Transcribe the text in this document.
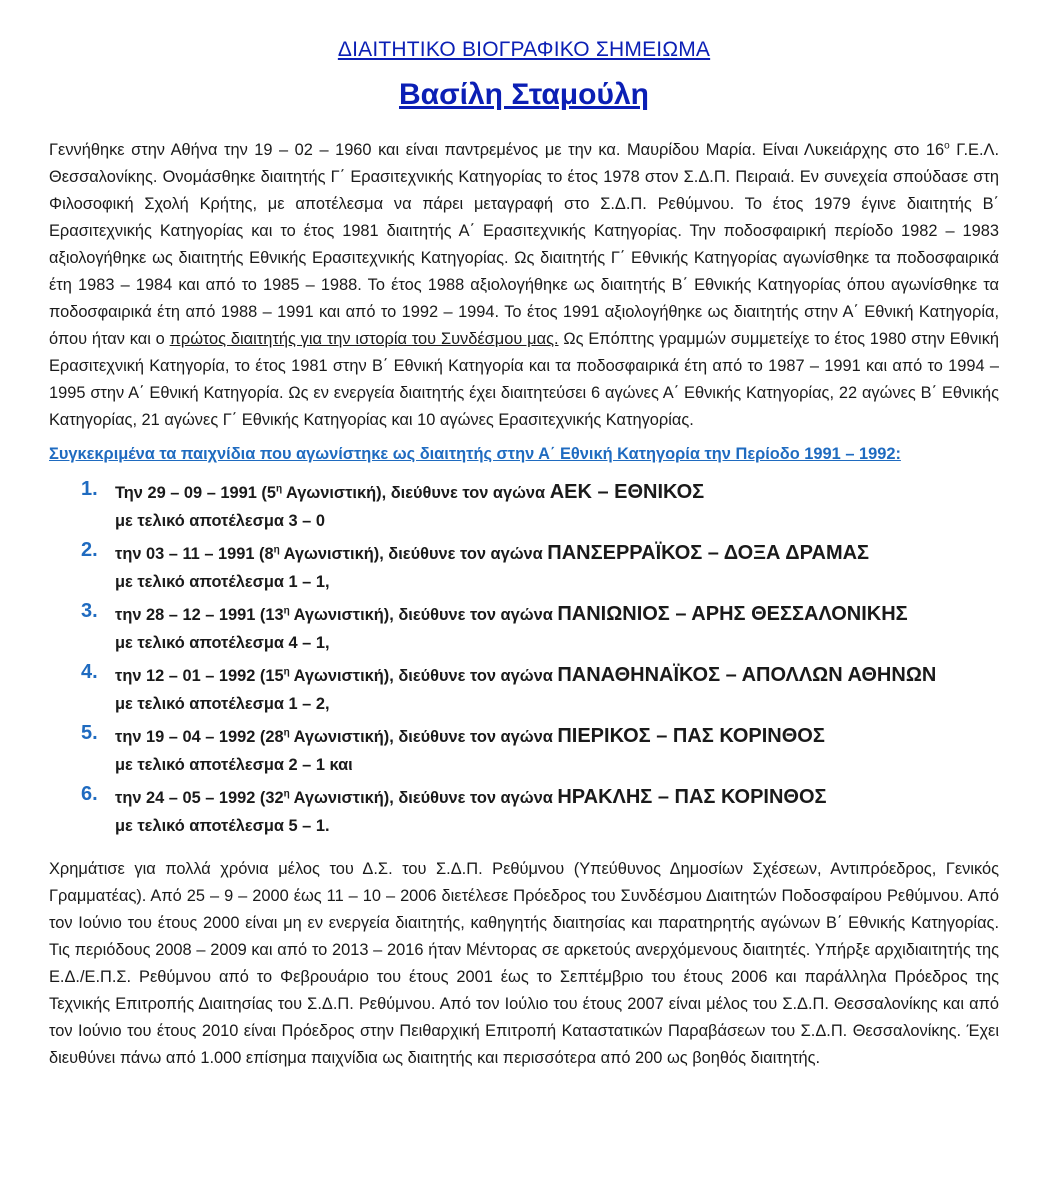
ΔΙΑΙΤΗΤΙΚΟ ΒΙΟΓΡΑΦΙΚΟ ΣΗΜΕΙΩΜΑ
Βασίλη Σταμούλη

Γεννήθηκε στην Αθήνα την 19 – 02 – 1960 και είναι παντρεμένος με την κα. Μαυρίδου Μαρία. Είναι Λυκειάρχης στο $16^o$ Γ.Ε.Λ. Θεσσαλονίκης. Ονομάσθηκε διαιτητής Γ΄ Ερασιτεχνικής Κατηγορίας το έτος 1978 στον Σ.Δ.Π. Πειραιά. Εν συνεχεία σπούδασε στη Φιλοσοφική Σχολή Κρήτης, με αποτέλεσμα να πάρει μεταγραφή στο Σ.Δ.Π. Ρεθύμνου. Το έτος 1979 έγινε διαιτητής Β΄ Ερασιτεχνικής Κατηγορίας και το έτος 1981 διαιτητής Α΄ Ερασιτεχνικής Κατηγορίας. Την ποδοσφαιρική περίοδο 1982 – 1983 αξιολογήθηκε ως διαιτητής Εθνικής Ερασιτεχνικής Κατηγορίας. Ως διαιτητής Γ΄ Εθνικής Κατηγορίας αγωνίσθηκε τα ποδοσφαιρικά έτη 1983 – 1984 και από το 1985 – 1988. Το έτος 1988 αξιολογήθηκε ως διαιτητής Β΄ Εθνικής Κατηγορίας όπου αγωνίσθηκε τα ποδοσφαιρικά έτη από 1988 – 1991 και από το 1992 – 1994. Το έτος 1991 αξιολογήθηκε ως διαιτητής στην Α΄ Εθνική Κατηγορία, όπου ήταν και ο πρώτος διαιτητής για την ιστορία του Συνδέσμου μας. Ως Επόπτης γραμμών συμμετείχε το έτος 1980 στην Εθνική Ερασιτεχνική Κατηγορία, το έτος 1981 στην Β΄ Εθνική Κατηγορία και τα ποδοσφαιρικά έτη από το 1987 – 1991 και από το 1994 – 1995 στην Α΄ Εθνική Κατηγορία. Ως εν ενεργεία διαιτητής έχει διαιτητεύσει 6 αγώνες Α΄ Εθνικής Κατηγορίας, 22 αγώνες Β΄ Εθνικής Κατηγορίας, 21 αγώνες Γ΄ Εθνικής Κατηγορίας και 10 αγώνες Ερασιτεχνικής Κατηγορίας.

Συγκεκριμένα τα παιχνίδια που αγωνίστηκε ως διαιτητής στην Α΄ Εθνική Κατηγορία την Περίοδο 1991 – 1992:
1. Την 29 – 09 – 1991 ($5^\eta$ Αγωνιστική), διεύθυνε τον αγώνα ΑΕΚ – ΕΘΝΙΚΟΣ
με τελικό αποτέλεσμα 3 – 0
2. την 03 – 11 – 1991 ($8^\eta$ Αγωνιστική), διεύθυνε τον αγώνα ΠΑΝΣΕΡΡΑΪΚΟΣ – ΔΟΞΑ ΔΡΑΜΑΣ
με τελικό αποτέλεσμα 1 – 1,
3. την 28 – 12 – 1991 ($13^\eta$ Αγωνιστική), διεύθυνε τον αγώνα ΠΑΝΙΩΝΙΟΣ – ΑΡΗΣ ΘΕΣΣΑΛΟΝΙΚΗΣ
με τελικό αποτέλεσμα 4 – 1,
4. την 12 – 01 – 1992 ($15^\eta$ Αγωνιστική), διεύθυνε τον αγώνα ΠΑΝΑΘΗΝΑΪΚΟΣ – ΑΠΟΛΛΩΝ ΑΘΗΝΩΝ
με τελικό αποτέλεσμα 1 – 2,
5. την 19 – 04 – 1992 ($28^\eta$ Αγωνιστική), διεύθυνε τον αγώνα ΠΙΕΡΙΚΟΣ – ΠΑΣ ΚΟΡΙΝΘΟΣ
με τελικό αποτέλεσμα 2 – 1 και
6. την 24 – 05 – 1992 ($32^\eta$ Αγωνιστική), διεύθυνε τον αγώνα ΗΡΑΚΛΗΣ – ΠΑΣ ΚΟΡΙΝΘΟΣ
με τελικό αποτέλεσμα 5 – 1.

Χρημάτισε για πολλά χρόνια μέλος του Δ.Σ. του Σ.Δ.Π. Ρεθύμνου (Υπεύθυνος Δημοσίων Σχέσεων, Αντιπρόεδρος, Γενικός Γραμματέας). Από 25 – 9 – 2000 έως 11 – 10 – 2006 διετέλεσε Πρόεδρος του Συνδέσμου Διαιτητών Ποδοσφαίρου Ρεθύμνου. Από τον Ιούνιο του έτους 2000 είναι μη εν ενεργεία διαιτητής, καθηγητής διαιτησίας και παρατηρητής αγώνων Β΄ Εθνικής Κατηγορίας. Τις περιόδους 2008 – 2009 και από το 2013 – 2016 ήταν Μέντορας σε αρκετούς ανερχόμενους διαιτητές. Υπήρξε αρχιδιαιτητής της Ε.Δ./Ε.Π.Σ. Ρεθύμνου από το Φεβρουάριο του έτους 2001 έως το Σεπτέμβριο του έτους 2006 και παράλληλα Πρόεδρος της Τεχνικής Επιτροπής Διαιτησίας του Σ.Δ.Π. Ρεθύμνου. Από τον Ιούλιο του έτους 2007 είναι μέλος του Σ.Δ.Π. Θεσσαλονίκης και από τον Ιούνιο του έτους 2010 είναι Πρόεδρος στην Πειθαρχική Επιτροπή Καταστατικών Παραβάσεων του Σ.Δ.Π. Θεσσαλονίκης. Έχει διευθύνει πάνω από 1.000 επίσημα παιχνίδια ως διαιτητής και περισσότερα από 200 ως βοηθός διαιτητής.
